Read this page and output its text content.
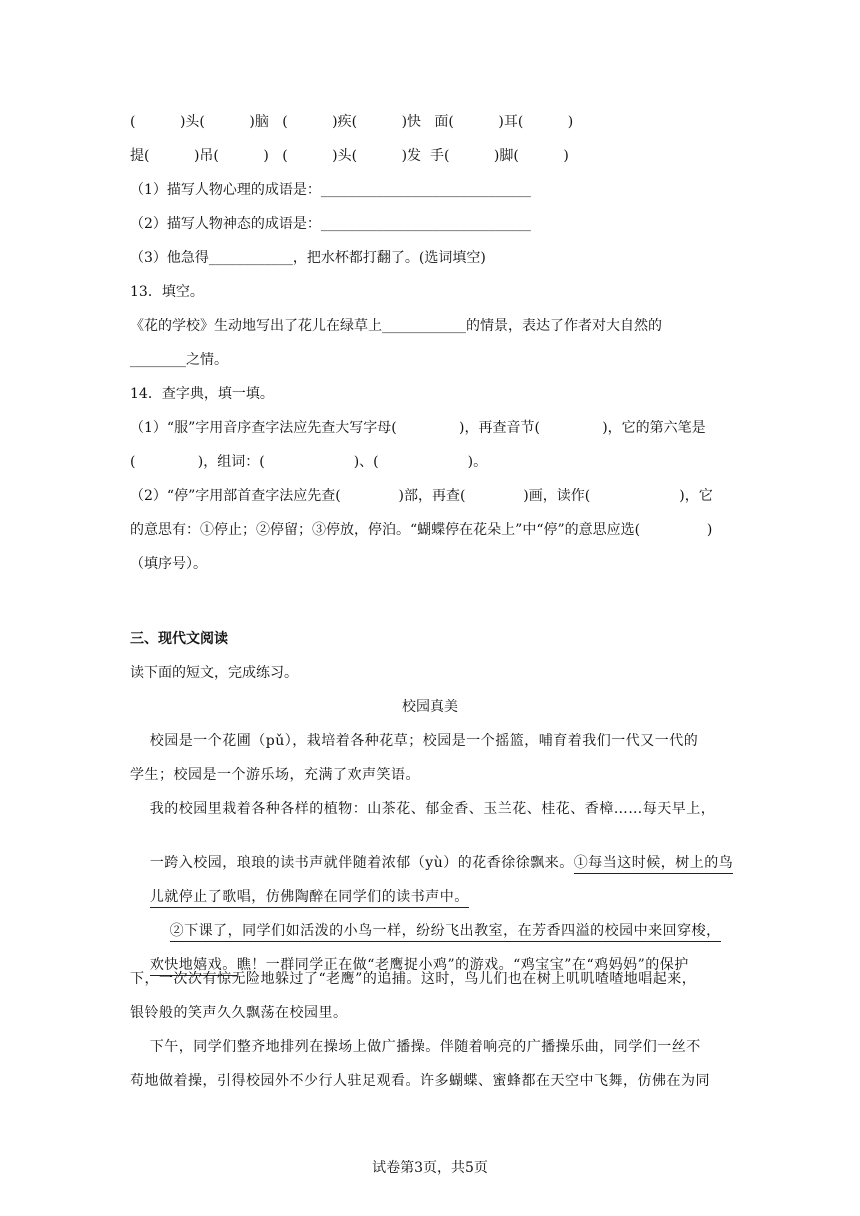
(          )头(          )脑   (          )疾(          )快   面(          )耳(          )
提(          )吊(          )   (          )头(          )发  手(          )脚(          )
（1）描写人物心理的成语是：______________________________
（2）描写人物神态的成语是：______________________________
（3）他急得____________，把水杯都打翻了。(选词填空)
13．填空。
《花的学校》生动地写出了花儿在绿草上____________的情景，表达了作者对大自然的
________之情。
14．查字典，填一填。
（1）“服”字用音序查字法应先查大写字母(              )，再查音节(              )，它的第六笔是
(              )，组词：(                    )、(                    )。
（2）“停”字用部首查字法应先查(             )部，再查(             )画，读作(                    )，它
的意思有：①停止；②停留；③停放，停泊。“蝴蝶停在花朵上”中“停”的意思应选(               )
（填序号）。
三、现代文阅读
读下面的短文，完成练习。
校园真美
校园是一个花圃（pǔ），栽培着各种花草；校园是一个摇篮，哺育着我们一代又一代的
学生；校园是一个游乐场，充满了欢声笑语。
我的校园里栽着各种各样的植物：山茶花、郁金香、玉兰花、桂花、香樟……每天早上，

一跨入校园，琅琅的读书声就伴随着浓郁（yù）的花香徐徐飘来。①每当这时候，树上的鸟

儿就停止了歌唱，仿佛陶醉在同学们的读书声中。

②下课了，同学们如活泼的小鸟一样，纷纷飞出教室，在芳香四溢的校园中来回穿梭，

欢快地嬉戏。瞧！一群同学正在做“老鹰捉小鸡”的游戏。“鸡宝宝”在“鸡妈妈”的保护

下，一次次有惊无险地躲过了“老鹰”的追捕。这时，鸟儿们也在树上叽叽喳喳地唱起来，
银铃般的笑声久久飘荡在校园里。
下午，同学们整齐地排列在操场上做广播操。伴随着响亮的广播操乐曲，同学们一丝不
苟地做着操，引得校园外不少行人驻足观看。许多蝴蝶、蜜蜂都在天空中飞舞，仿佛在为同
试卷第3页，共5页
